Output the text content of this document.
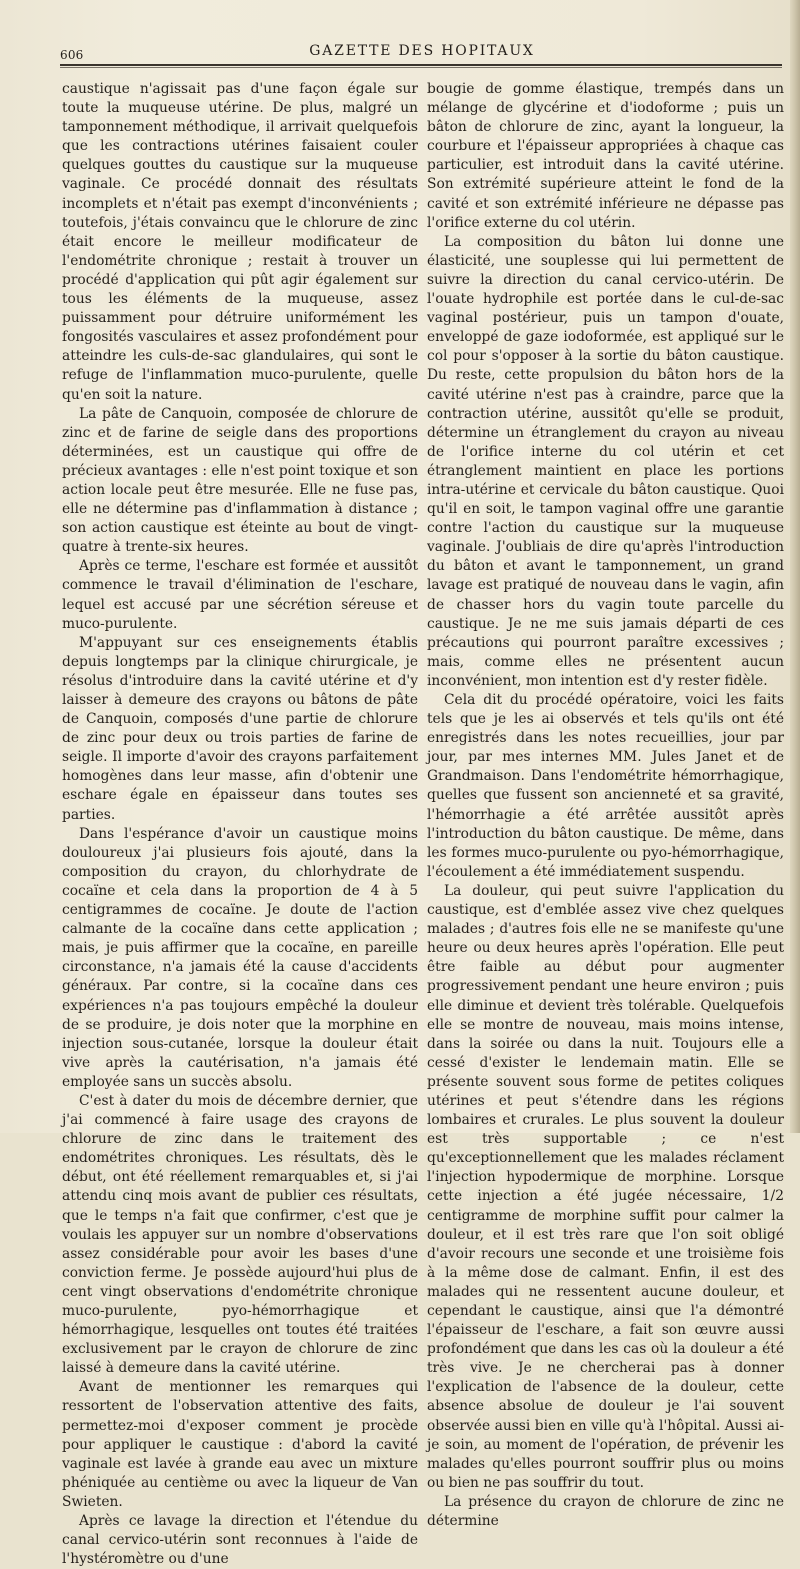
606	GAZETTE DES HOPITAUX

caustique n'agissait pas d'une façon égale sur toute la muqueuse utérine. De plus, malgré un tamponnement méthodique, il arrivait quelquefois que les contractions utérines faisaient couler quelques gouttes du caustique sur la muqueuse vaginale. Ce procédé donnait des résultats incomplets et n'était pas exempt d'inconvénients ; toutefois, j'étais convaincu que le chlorure de zinc était encore le meilleur modificateur de l'endométrite chronique ; restait à trouver un procédé d'application qui pût agir également sur tous les éléments de la muqueuse, assez puissamment pour détruire uniformément les fongosités vasculaires et assez profondément pour atteindre les culs-de-sac glandulaires, qui sont le refuge de l'inflammation muco-purulente, quelle qu'en soit la nature.

La pâte de Canquoin, composée de chlorure de zinc et de farine de seigle dans des proportions déterminées, est un caustique qui offre de précieux avantages : elle n'est point toxique et son action locale peut être mesurée. Elle ne fuse pas, elle ne détermine pas d'inflammation à distance ; son action caustique est éteinte au bout de vingt-quatre à trente-six heures.

Après ce terme, l'eschare est formée et aussitôt commence le travail d'élimination de l'eschare, lequel est accusé par une sécrétion séreuse et muco-purulente.

M'appuyant sur ces enseignements établis depuis longtemps par la clinique chirurgicale, je résolus d'introduire dans la cavité utérine et d'y laisser à demeure des crayons ou bâtons de pâte de Canquoin, composés d'une partie de chlorure de zinc pour deux ou trois parties de farine de seigle. Il importe d'avoir des crayons parfaitement homogènes dans leur masse, afin d'obtenir une eschare égale en épaisseur dans toutes ses parties.

Dans l'espérance d'avoir un caustique moins douloureux j'ai plusieurs fois ajouté, dans la composition du crayon, du chlorhydrate de cocaïne et cela dans la proportion de 4 à 5 centigrammes de cocaïne. Je doute de l'action calmante de la cocaïne dans cette application ; mais, je puis affirmer que la cocaïne, en pareille circonstance, n'a jamais été la cause d'accidents généraux. Par contre, si la cocaïne dans ces expériences n'a pas toujours empêché la douleur de se produire, je dois noter que la morphine en injection sous-cutanée, lorsque la douleur était vive après la cautérisation, n'a jamais été employée sans un succès absolu.

C'est à dater du mois de décembre dernier, que j'ai commencé à faire usage des crayons de chlorure de zinc dans le traitement des endométrites chroniques. Les résultats, dès le début, ont été réellement remarquables et, si j'ai attendu cinq mois avant de publier ces résultats, que le temps n'a fait que confirmer, c'est que je voulais les appuyer sur un nombre d'observations assez considérable pour avoir les bases d'une conviction ferme. Je possède aujourd'hui plus de cent vingt observations d'endométrite chronique muco-purulente, pyo-hémorrhagique et hémorrhagique, lesquelles ont toutes été traitées exclusivement par le crayon de chlorure de zinc laissé à demeure dans la cavité utérine.

Avant de mentionner les remarques qui ressortent de l'observation attentive des faits, permettez-moi d'exposer comment je procède pour appliquer le caustique : d'abord la cavité vaginale est lavée à grande eau avec un mixture phéniquée au centième ou avec la liqueur de Van Swieten.

Après ce lavage la direction et l'étendue du canal cervico-utérin sont reconnues à l'aide de l'hystéromètre ou d'une

bougie de gomme élastique, trempés dans un mélange de glycérine et d'iodoforme ; puis un bâton de chlorure de zinc, ayant la longueur, la courbure et l'épaisseur appropriées à chaque cas particulier, est introduit dans la cavité utérine. Son extrémité supérieure atteint le fond de la cavité et son extrémité inférieure ne dépasse pas l'orifice externe du col utérin.

La composition du bâton lui donne une élasticité, une souplesse qui lui permettent de suivre la direction du canal cervico-utérin. De l'ouate hydrophile est portée dans le cul-de-sac vaginal postérieur, puis un tampon d'ouate, enveloppé de gaze iodoformée, est appliqué sur le col pour s'opposer à la sortie du bâton caustique. Du reste, cette propulsion du bâton hors de la cavité utérine n'est pas à craindre, parce que la contraction utérine, aussitôt qu'elle se produit, détermine un étranglement du crayon au niveau de l'orifice interne du col utérin et cet étranglement maintient en place les portions intra-utérine et cervicale du bâton caustique. Quoi qu'il en soit, le tampon vaginal offre une garantie contre l'action du caustique sur la muqueuse vaginale. J'oubliais de dire qu'après l'introduction du bâton et avant le tamponnement, un grand lavage est pratiqué de nouveau dans le vagin, afin de chasser hors du vagin toute parcelle du caustique. Je ne me suis jamais départi de ces précautions qui pourront paraître excessives ; mais, comme elles ne présentent aucun inconvénient, mon intention est d'y rester fidèle.

Cela dit du procédé opératoire, voici les faits tels que je les ai observés et tels qu'ils ont été enregistrés dans les notes recueillies, jour par jour, par mes internes MM. Jules Janet et de Grandmaison. Dans l'endométrite hémorrhagique, quelles que fussent son ancienneté et sa gravité, l'hémorrhagie a été arrêtée aussitôt après l'introduction du bâton caustique. De même, dans les formes muco-purulente ou pyo-hémorrhagique, l'écoulement a été immédiatement suspendu.

La douleur, qui peut suivre l'application du caustique, est d'emblée assez vive chez quelques malades ; d'autres fois elle ne se manifeste qu'une heure ou deux heures après l'opération. Elle peut être faible au début pour augmenter progressivement pendant une heure environ ; puis elle diminue et devient très tolérable. Quelquefois elle se montre de nouveau, mais moins intense, dans la soirée ou dans la nuit. Toujours elle a cessé d'exister le lendemain matin. Elle se présente souvent sous forme de petites coliques utérines et peut s'étendre dans les régions lombaires et crurales. Le plus souvent la douleur est très supportable ; ce n'est qu'exceptionnellement que les malades réclament l'injection hypodermique de morphine. Lorsque cette injection a été jugée nécessaire, 1/2 centigramme de morphine suffit pour calmer la douleur, et il est très rare que l'on soit obligé d'avoir recours une seconde et une troisième fois à la même dose de calmant. Enfin, il est des malades qui ne ressentent aucune douleur, et cependant le caustique, ainsi que l'a démontré l'épaisseur de l'eschare, a fait son œuvre aussi profondément que dans les cas où la douleur a été très vive. Je ne chercherai pas à donner l'explication de l'absence de la douleur, cette absence absolue de douleur je l'ai souvent observée aussi bien en ville qu'à l'hôpital. Aussi ai-je soin, au moment de l'opération, de prévenir les malades qu'elles pourront souffrir plus ou moins ou bien ne pas souffrir du tout.

La présence du crayon de chlorure de zinc ne détermine
